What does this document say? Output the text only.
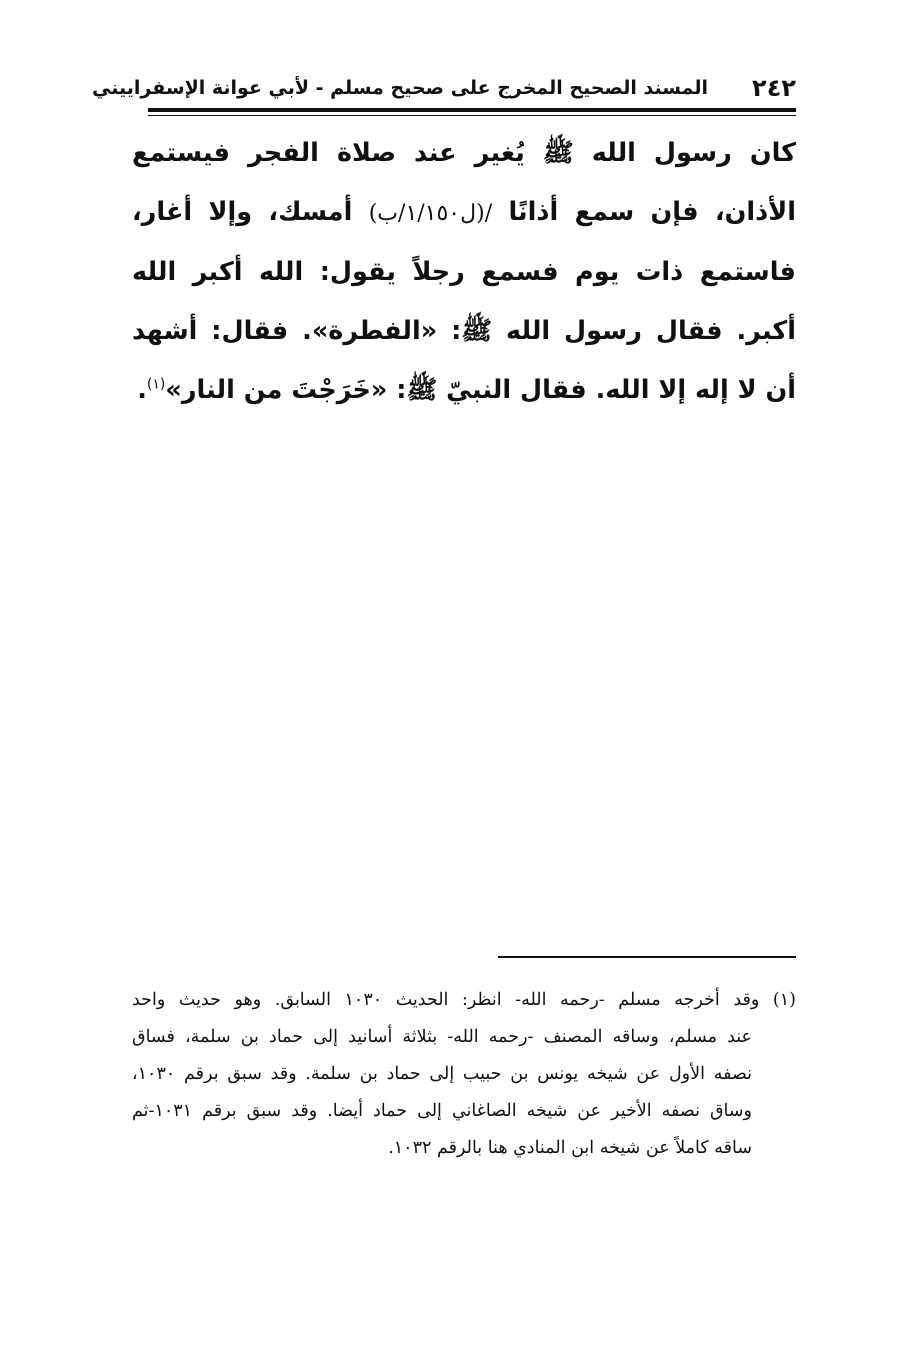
٢٤٢
المسند الصحيح المخرج على صحيح مسلم - لأبي عوانة الإسفراييني
كان رسول الله ﷺ يُغير عند صلاة الفجر فيستمع الأذان، فإن سمع أذانًا /(ل١/١٥٠/ب) أمسك، وإلا أغار، فاستمع ذات يوم فسمع رجلاً يقول: الله أكبر الله أكبر. فقال رسول الله ﷺ: «الفطرة». فقال: أشهد أن لا إله إلا الله. فقال النبيّ ﷺ: «خَرَجْتَ من النار»$^{(١)}$.
(١) وقد أخرجه مسلم -رحمه الله- انظر: الحديث ١٠٣٠ السابق. وهو حديث واحد
عند مسلم، وساقه المصنف -رحمه الله- بثلاثة أسانيد إلى حماد بن سلمة، فساق
نصفه الأول عن شيخه يونس بن حبيب إلى حماد بن سلمة. وقد سبق برقم ١٠٣٠،
وساق نصفه الأخير عن شيخه الصاغاني إلى حماد أيضا. وقد سبق برقم ١٠٣١-ثم
ساقه كاملاً عن شيخه ابن المنادي هنا بالرقم ١٠٣٢.
